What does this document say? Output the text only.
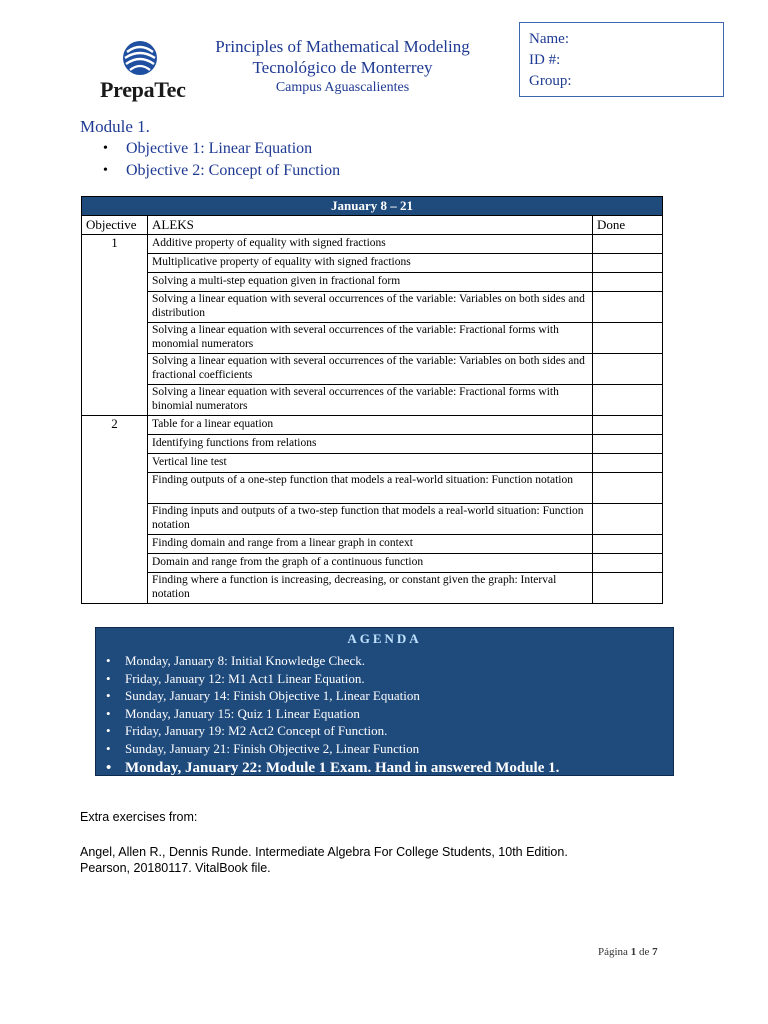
PrepaTec
Principles of Mathematical Modeling
Tecnológico de Monterrey
Campus Aguascalientes
Name:
ID #:
Group:
Module 1.
• Objective 1: Linear Equation
• Objective 2: Concept of Function
January 8 – 21		
Objective	ALEKS	Done
1	Additive property of equality with signed fractions	
	Multiplicative property of equality with signed fractions	
	Solving a multi-step equation given in fractional form	
	Solving a linear equation with several occurrences of the variable: Variables on both sides and distribution	
	Solving a linear equation with several occurrences of the variable: Fractional forms with monomial numerators	
	Solving a linear equation with several occurrences of the variable: Variables on both sides and fractional coefficients	
	Solving a linear equation with several occurrences of the variable: Fractional forms with binomial numerators	
2	Table for a linear equation	
	Identifying functions from relations	
	Vertical line test	
	Finding outputs of a one-step function that models a real-world situation: Function notation	
	Finding inputs and outputs of a two-step function that models a real-world situation: Function notation	
	Finding domain and range from a linear graph in context	
	Domain and range from the graph of a continuous function	
	Finding where a function is increasing, decreasing, or constant given the graph: Interval notation	
AGENDA
• Monday, January 8: Initial Knowledge Check.
• Friday, January 12: M1 Act1 Linear Equation.
• Sunday, January 14: Finish Objective 1, Linear Equation
• Monday, January 15: Quiz 1 Linear Equation
• Friday, January 19: M2 Act2 Concept of Function.
• Sunday, January 21: Finish Objective 2, Linear Function
• Monday, January 22: Module 1 Exam. Hand in answered Module 1.
Extra exercises from:
Angel, Allen R., Dennis Runde. Intermediate Algebra For College Students, 10th Edition.
Pearson, 20180117. VitalBook file.
Página 1 de 7
